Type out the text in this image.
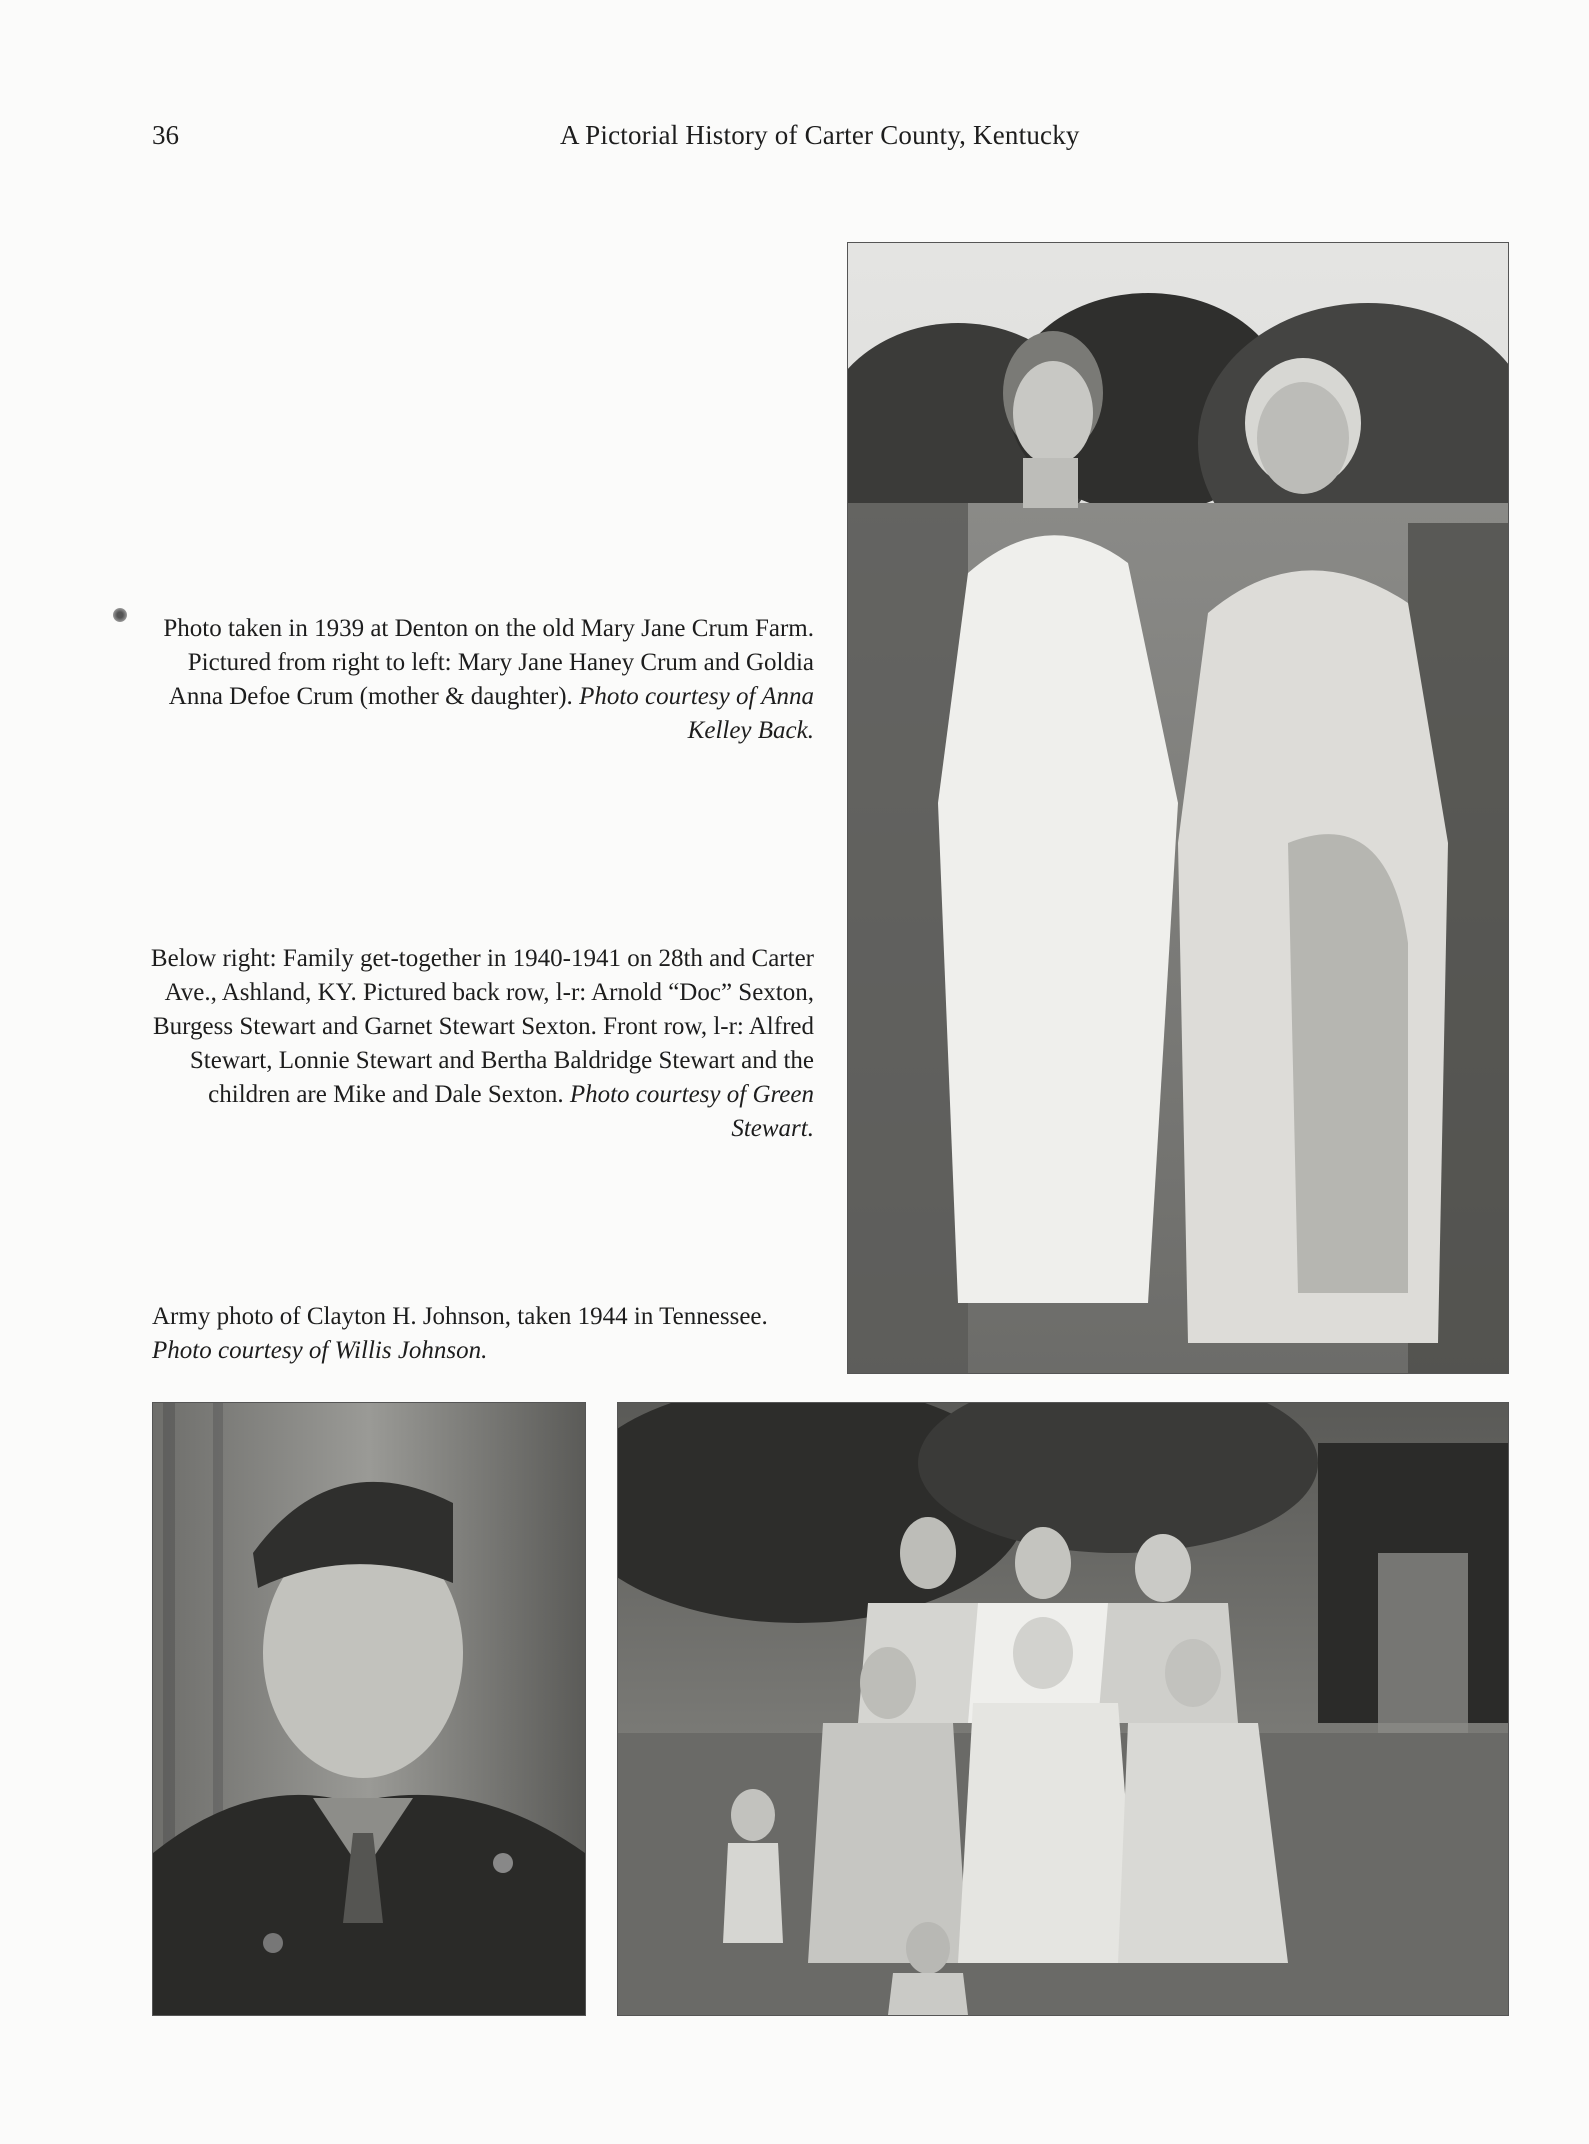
36	A Pictorial History of Carter County, Kentucky
Photo taken in 1939 at Denton on the old Mary Jane Crum Farm. Pictured from right to left: Mary Jane Haney Crum and Goldia Anna Defoe Crum (mother & daughter). Photo courtesy of Anna Kelley Back.
Below right: Family get-together in 1940-1941 on 28th and Carter Ave., Ashland, KY. Pictured back row, l-r: Arnold “Doc” Sexton, Burgess Stewart and Garnet Stewart Sexton. Front row, l-r: Alfred Stewart, Lonnie Stewart and Bertha Baldridge Stewart and the children are Mike and Dale Sexton. Photo courtesy of Green Stewart.
Army photo of Clayton H. Johnson, taken 1944 in Tennessee.
Photo courtesy of Willis Johnson.
